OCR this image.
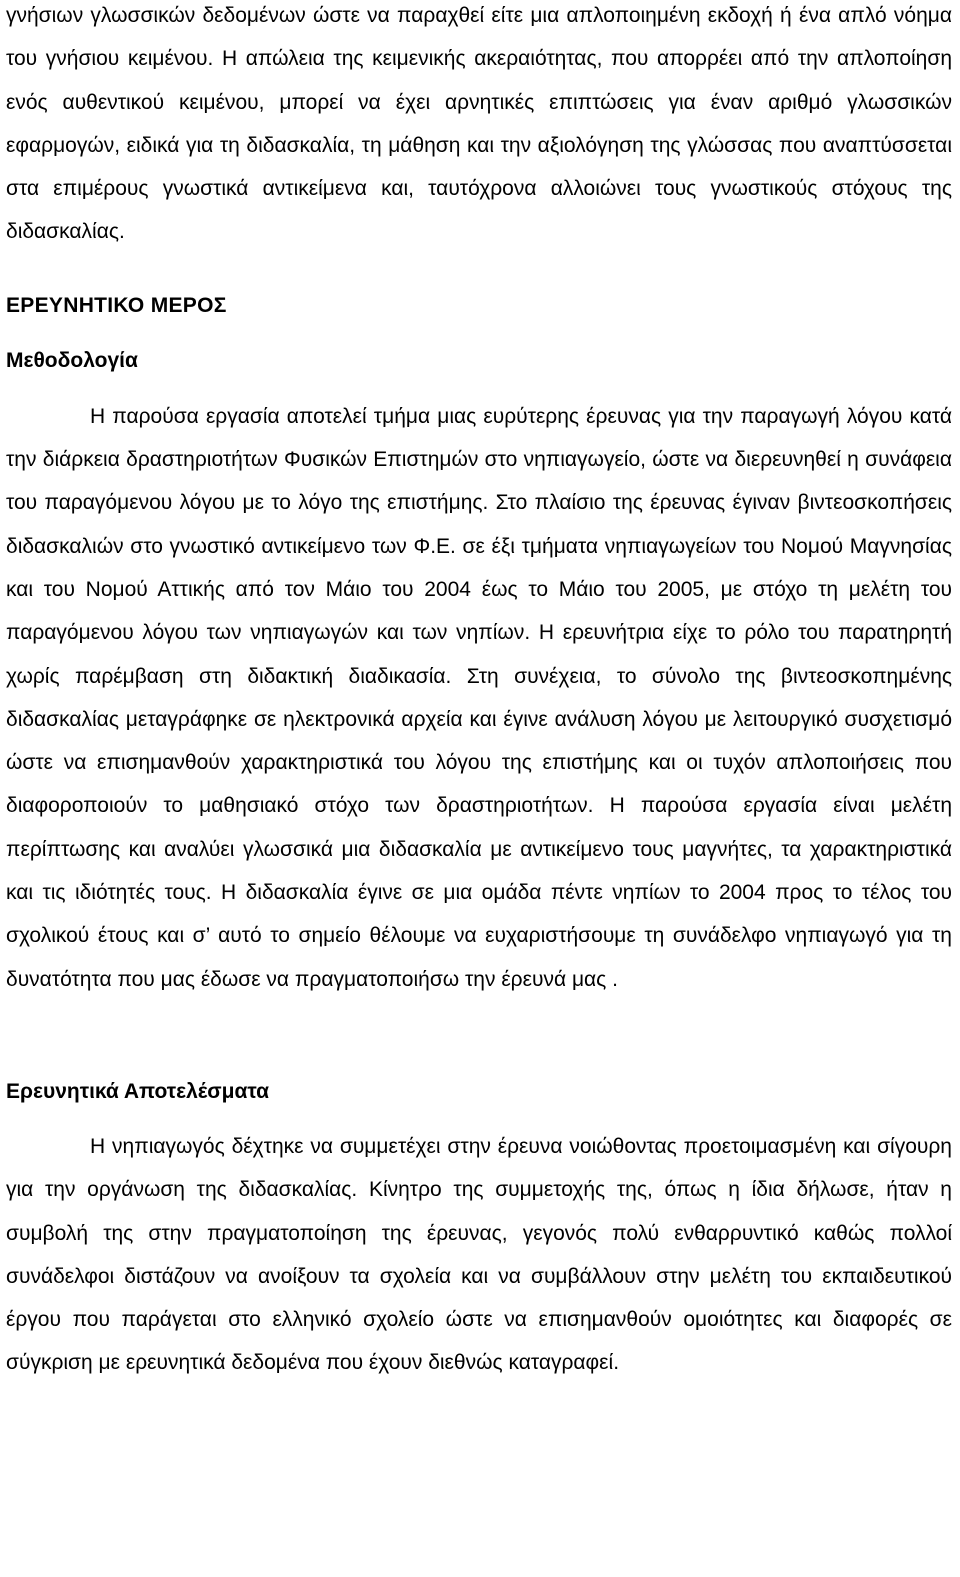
γνήσιων γλωσσικών δεδομένων ώστε να παραχθεί είτε μια απλοποιημένη εκδοχή ή ένα απλό νόημα του γνήσιου κειμένου. Η απώλεια της κειμενικής ακεραιότητας, που απορρέει από την απλοποίηση ενός αυθεντικού κειμένου, μπορεί να έχει αρνητικές επιπτώσεις για έναν αριθμό γλωσσικών εφαρμογών, ειδικά για τη διδασκαλία, τη μάθηση και την αξιολόγηση της γλώσσας που αναπτύσσεται στα επιμέρους γνωστικά αντικείμενα και, ταυτόχρονα αλλοιώνει τους γνωστικούς στόχους της διδασκαλίας.

ΕΡΕΥΝΗΤΙΚΟ ΜΕΡΟΣ
Μεθοδολογία

Η παρούσα εργασία αποτελεί τμήμα μιας ευρύτερης έρευνας για την παραγωγή λόγου κατά την διάρκεια δραστηριοτήτων Φυσικών Επιστημών στο νηπιαγωγείο, ώστε να διερευνηθεί η συνάφεια του παραγόμενου λόγου με το λόγο της επιστήμης. Στο πλαίσιο της έρευνας έγιναν βιντεοσκοπήσεις διδασκαλιών στο γνωστικό αντικείμενο των Φ.Ε. σε έξι τμήματα νηπιαγωγείων του Νομού Μαγνησίας και του Νομού Αττικής από τον Μάιο του 2004 έως το Μάιο του 2005, με στόχο τη μελέτη του παραγόμενου λόγου των νηπιαγωγών και των νηπίων. Η ερευνήτρια είχε το ρόλο του παρατηρητή χωρίς παρέμβαση στη διδακτική διαδικασία. Στη συνέχεια, το σύνολο της βιντεοσκοπημένης διδασκαλίας μεταγράφηκε σε ηλεκτρονικά αρχεία και έγινε ανάλυση λόγου με λειτουργικό συσχετισμό ώστε να επισημανθούν χαρακτηριστικά του λόγου της επιστήμης και οι τυχόν απλοποιήσεις που διαφοροποιούν το μαθησιακό στόχο των δραστηριοτήτων. Η παρούσα εργασία είναι μελέτη περίπτωσης και αναλύει γλωσσικά μια διδασκαλία με αντικείμενο τους μαγνήτες, τα χαρακτηριστικά και τις ιδιότητές τους. Η διδασκαλία έγινε σε μια ομάδα πέντε νηπίων το 2004 προς το τέλος του σχολικού έτους και σ’ αυτό το σημείο θέλουμε να ευχαριστήσουμε τη συνάδελφο νηπιαγωγό για τη δυνατότητα που μας έδωσε να πραγματοποιήσω την έρευνά μας .

Ερευνητικά Αποτελέσματα

Η νηπιαγωγός δέχτηκε να συμμετέχει στην έρευνα νοιώθοντας προετοιμασμένη και σίγουρη για την οργάνωση της διδασκαλίας. Κίνητρο της συμμετοχής της, όπως η ίδια δήλωσε, ήταν η συμβολή της στην πραγματοποίηση της έρευνας, γεγονός πολύ ενθαρρυντικό καθώς πολλοί συνάδελφοι διστάζουν να ανοίξουν τα σχολεία και να συμβάλλουν στην μελέτη του εκπαιδευτικού έργου που παράγεται στο ελληνικό σχολείο ώστε να επισημανθούν ομοιότητες και διαφορές σε σύγκριση με ερευνητικά δεδομένα που έχουν διεθνώς καταγραφεί.
